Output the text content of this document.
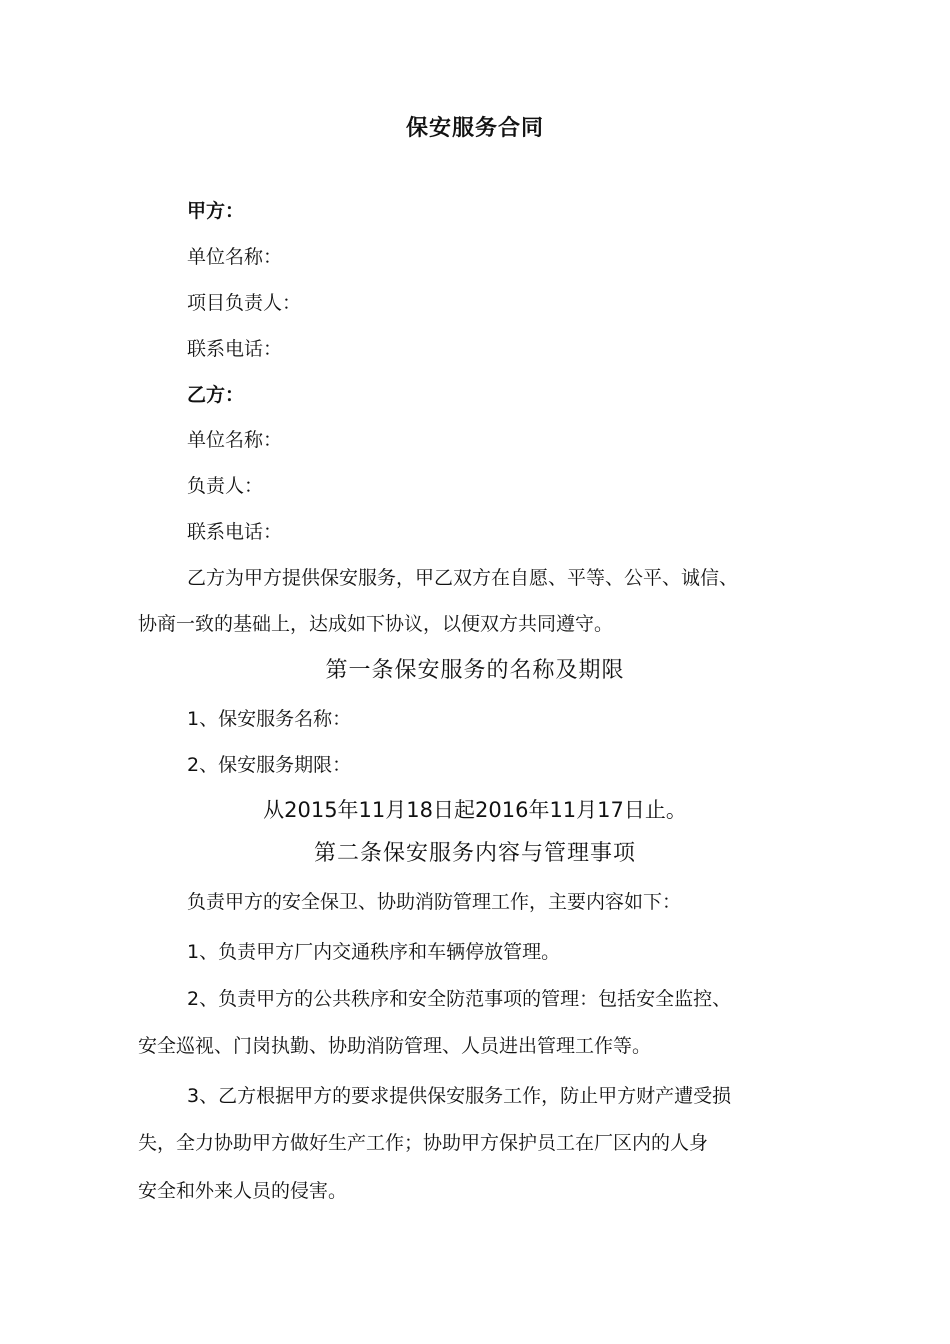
保安服务合同
甲方：
单位名称：
项目负责人：
联系电话：
乙方：
单位名称：
负责人：
联系电话：
乙方为甲方提供保安服务，甲乙双方在自愿、平等、公平、诚信、
协商一致的基础上，达成如下协议，以便双方共同遵守。
第一条保安服务的名称及期限
1、保安服务名称：
2、保安服务期限：
从2015年11月18日起2016年11月17日止。
第二条保安服务内容与管理事项
负责甲方的安全保卫、协助消防管理工作，主要内容如下：
1、负责甲方厂内交通秩序和车辆停放管理。
2、负责甲方的公共秩序和安全防范事项的管理：包括安全监控、
安全巡视、门岗执勤、协助消防管理、人员进出管理工作等。
3、乙方根据甲方的要求提供保安服务工作，防止甲方财产遭受损
失，全力协助甲方做好生产工作；协助甲方保护员工在厂区内的人身
安全和外来人员的侵害。
